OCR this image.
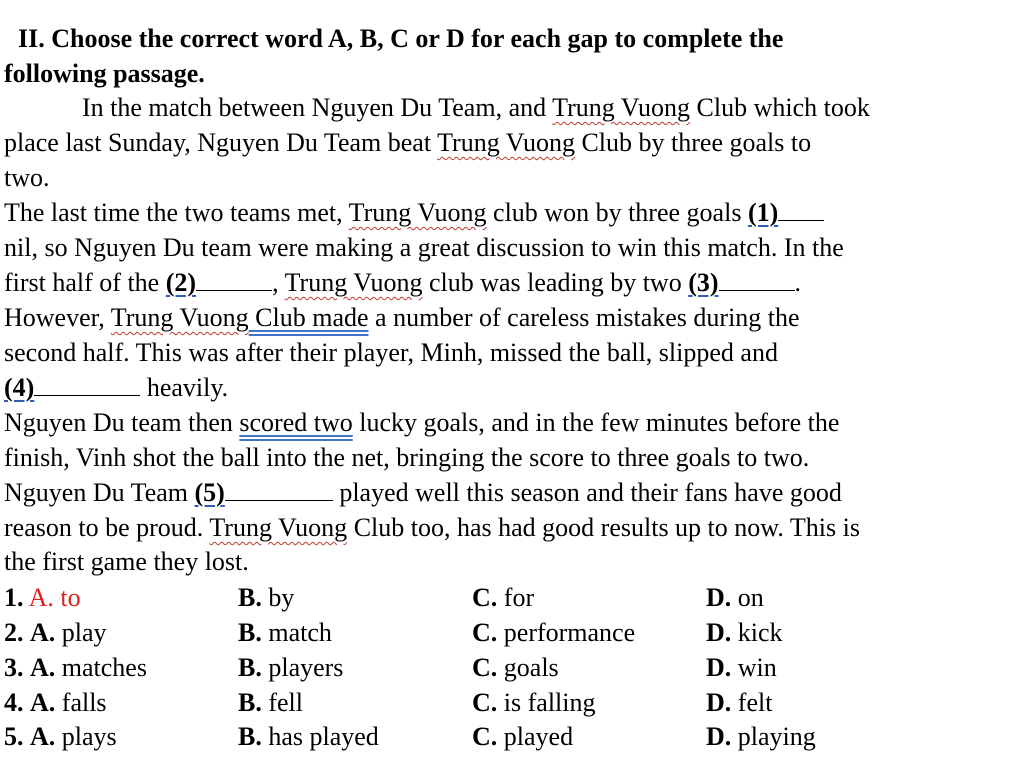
II. Choose the correct word A, B, C or D for each gap to complete the
following passage.
In the match between Nguyen Du Team, and Trung Vuong Club which took
place last Sunday, Nguyen Du Team beat Trung Vuong Club by three goals to
two.
The last time the two teams met, Trung Vuong club won by three goals (1)
nil, so Nguyen Du team were making a great discussion to win this match. In the
first half of the (2)	, Trung Vuong club was leading by two (3)	.
However, Trung Vuong Club made a number of careless mistakes during the
second half. This was after their player, Minh, missed the ball, slipped and
(4)	heavily.
Nguyen Du team then scored two lucky goals, and in the few minutes before the
finish, Vinh shot the ball into the net, bringing the score to three goals to two.
Nguyen Du Team (5)	played well this season and their fans have good
reason to be proud. Trung Vuong Club too, has had good results up to now. This is
the first game they lost.
1. A. to	B. by	C. for	D. on
2. A. play	B. match	C. performance	D. kick
3. A. matches	B. players	C. goals	D. win
4. A. falls	B. fell	C. is falling	D. felt
5. A. plays	B. has played	C. played	D. playing
